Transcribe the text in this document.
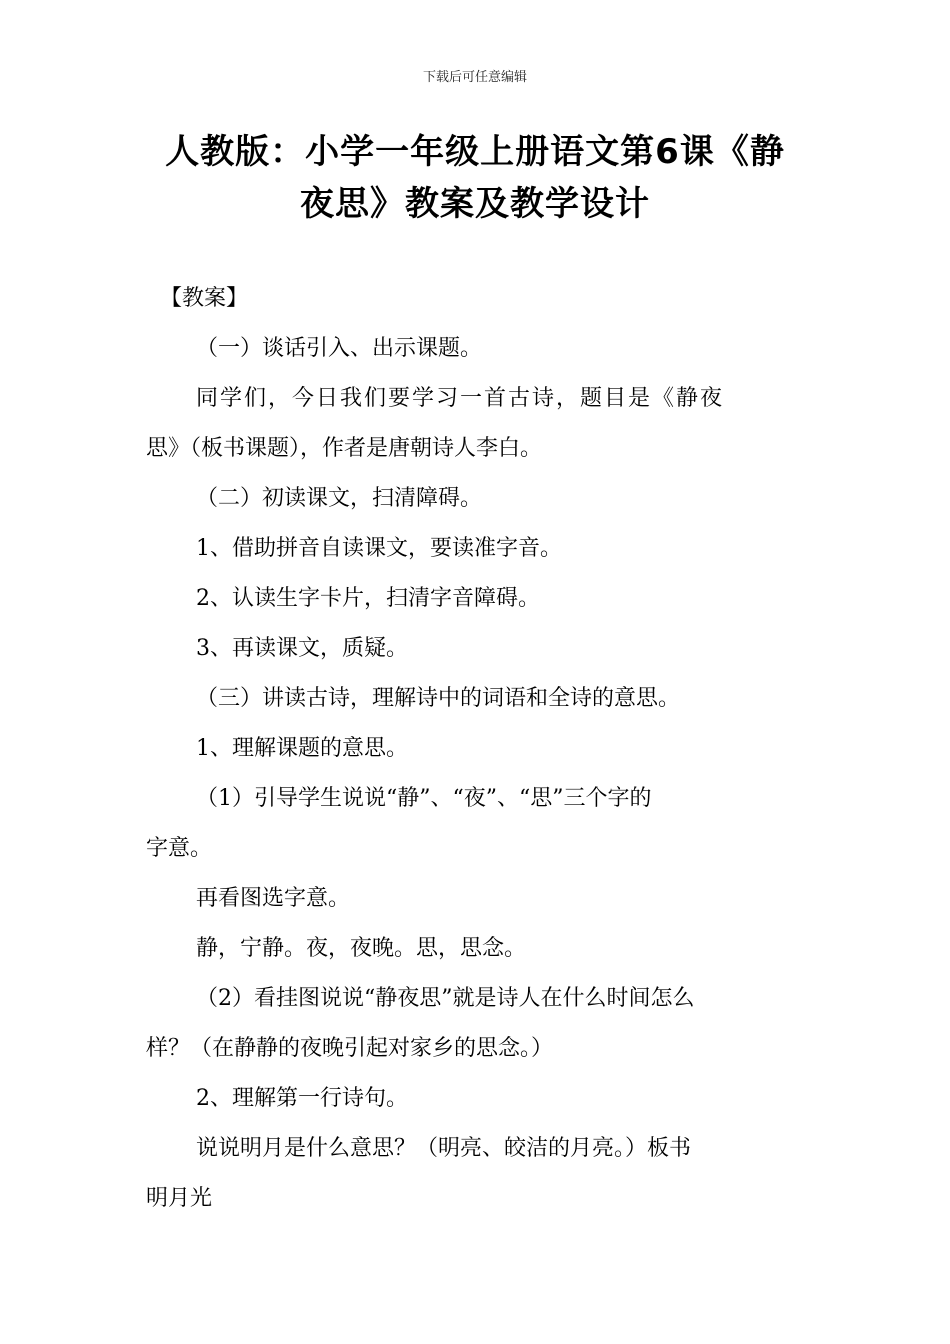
下载后可任意编辑
人教版：小学一年级上册语文第6课《静
夜思》教案及教学设计
【教案】
（一）谈话引入、出示课题。
同学们，今日我们要学习一首古诗，题目是《静夜
思》（板书课题），作者是唐朝诗人李白。
（二）初读课文，扫清障碍。
1、借助拼音自读课文，要读准字音。
2、认读生字卡片，扫清字音障碍。
3、再读课文，质疑。
（三）讲读古诗，理解诗中的词语和全诗的意思。
1、理解课题的意思。
（1）引导学生说说“静”、“夜”、“思”三个字的
字意。
再看图选字意。
静，宁静。夜，夜晚。思，思念。
（2）看挂图说说“静夜思”就是诗人在什么时间怎么
样？（在静静的夜晚引起对家乡的思念。）
2、理解第一行诗句。
说说明月是什么意思？（明亮、皎洁的月亮。）板书
明月光
